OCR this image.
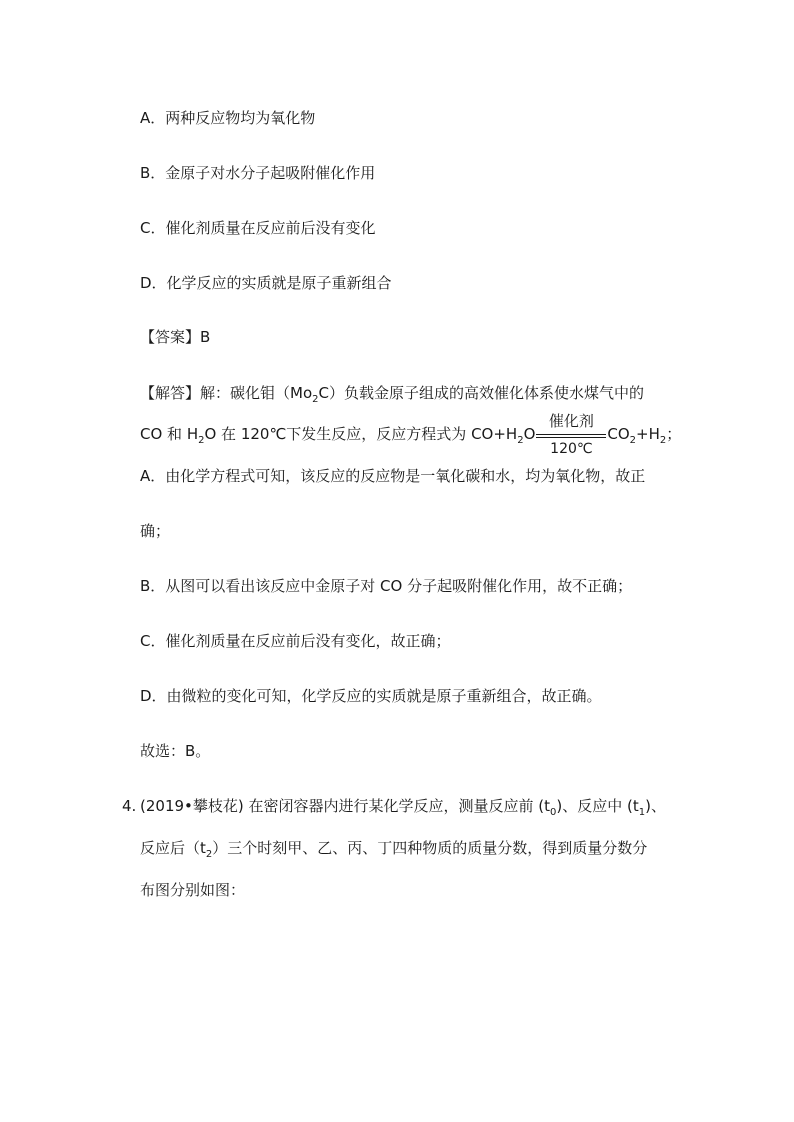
A．两种反应物均为氧化物
B．金原子对水分子起吸附催化作用
C．催化剂质量在反应前后没有变化
D．化学反应的实质就是原子重新组合
【答案】B
【解答】解：碳化钼$(Mo_2C)$负载金原子组成的高效催化体系使水煤气中的
CO 和 $H_2O$ 在 120℃下发生反应，反应方程式为 $CO+H_2O$
催化剂
120℃
$CO_2+H_2$；
A．由化学方程式可知，该反应的反应物是一氧化碳和水，均为氧化物，故正
确；
B．从图可以看出该反应中金原子对 CO 分子起吸附催化作用，故不正确；
C．催化剂质量在反应前后没有变化，故正确；
D．由微粒的变化可知，化学反应的实质就是原子重新组合，故正确。
故选：B。
4. (2019•攀枝花) 在密闭容器内进行某化学反应，测量反应前 $(t_0)$、反应中 $(t_1)$、
反应后$(t_2)$三个时刻甲、乙、丙、丁四种物质的质量分数，得到质量分数分
布图分别如图：
